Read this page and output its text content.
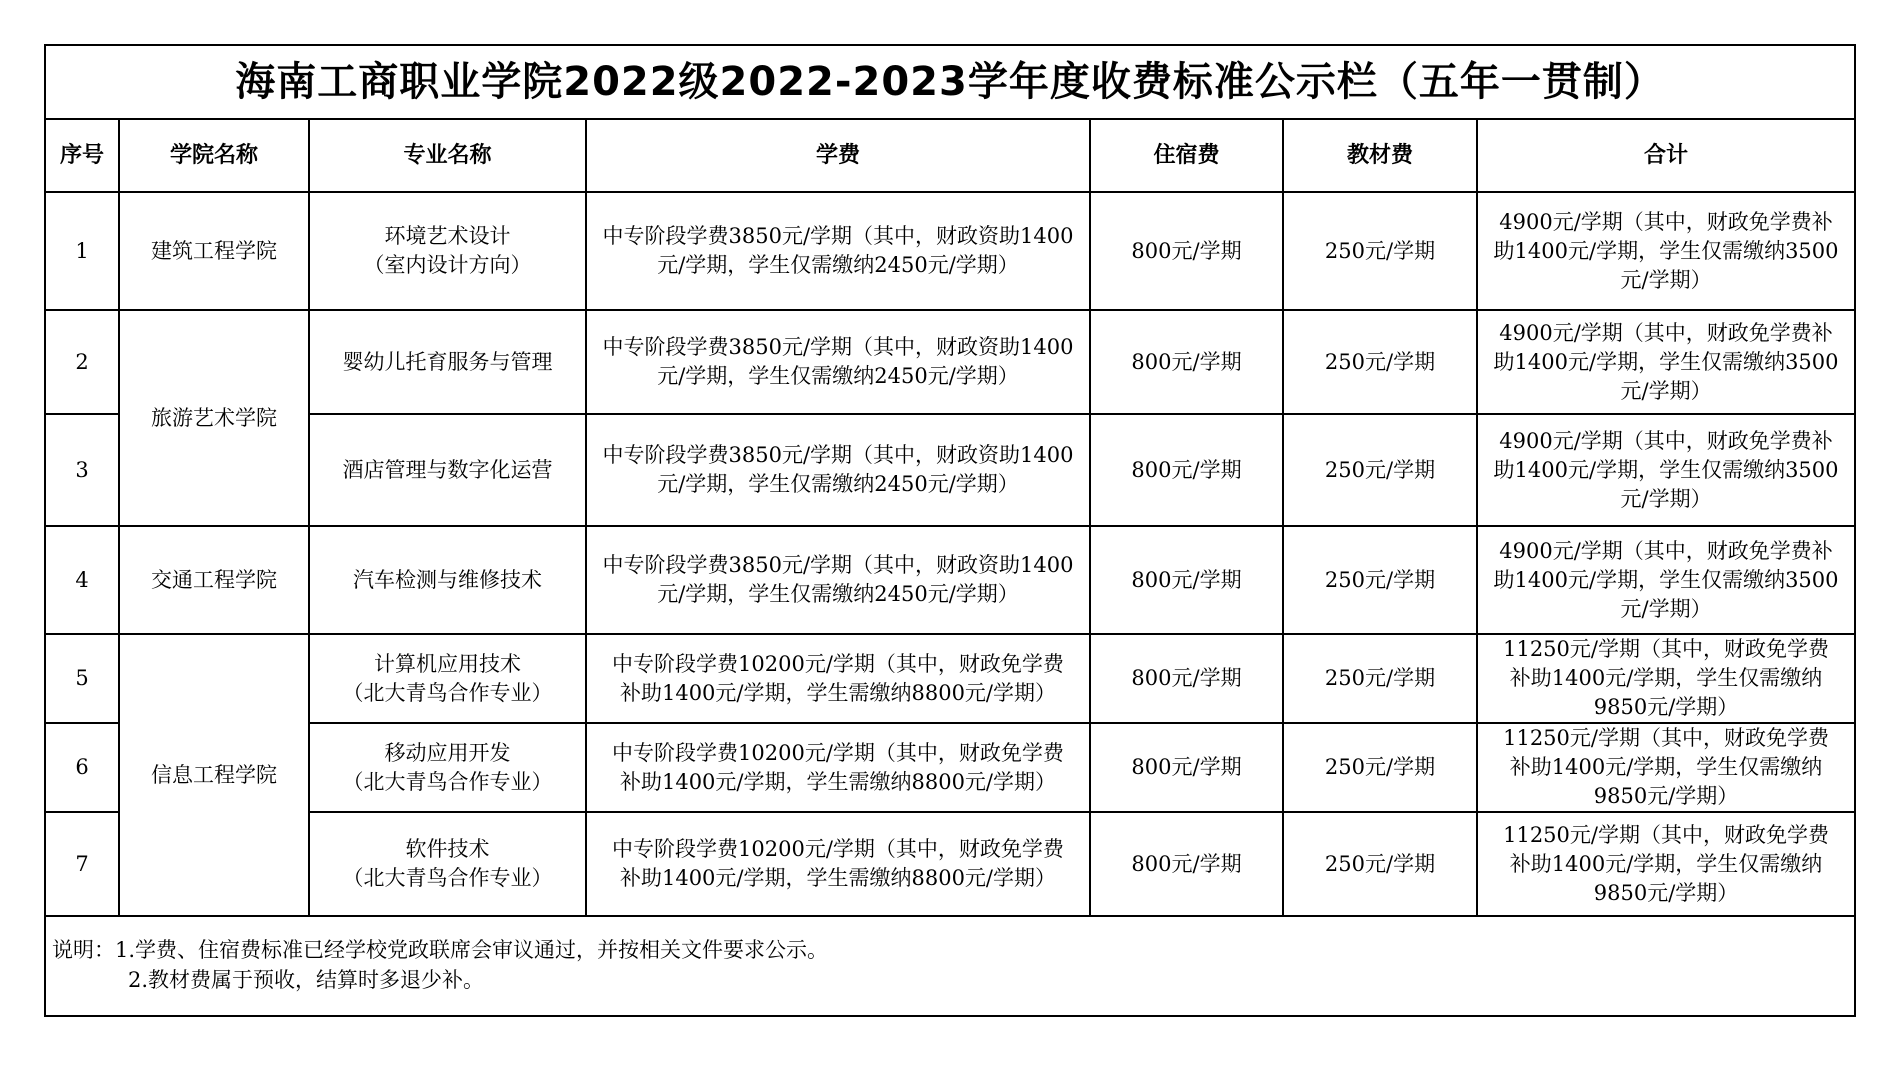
海南工商职业学院2022级2022-2023学年度收费标准公示栏（五年一贯制）						
序号	学院名称	专业名称	学费	住宿费	教材费	合计
1	建筑工程学院	环境艺术设计
（室内设计方向）	中专阶段学费3850元/学期（其中，财政资助1400
元/学期，学生仅需缴纳2450元/学期）	800元/学期	250元/学期	4900元/学期（其中，财政免学费补
助1400元/学期，学生仅需缴纳3500
元/学期）

2	旅游艺术学院	婴幼儿托育服务与管理	中专阶段学费3850元/学期（其中，财政资助1400
元/学期，学生仅需缴纳2450元/学期）	800元/学期	250元/学期	4900元/学期（其中，财政免学费补
助1400元/学期，学生仅需缴纳3500
元/学期）

3		酒店管理与数字化运营	中专阶段学费3850元/学期（其中，财政资助1400
元/学期，学生仅需缴纳2450元/学期）	800元/学期	250元/学期	4900元/学期（其中，财政免学费补
助1400元/学期，学生仅需缴纳3500
元/学期）

4	交通工程学院	汽车检测与维修技术	中专阶段学费3850元/学期（其中，财政资助1400
元/学期，学生仅需缴纳2450元/学期）	800元/学期	250元/学期	4900元/学期（其中，财政免学费补
助1400元/学期，学生仅需缴纳3500
元/学期）

5	信息工程学院	计算机应用技术
（北大青鸟合作专业）	中专阶段学费10200元/学期（其中，财政免学费
补助1400元/学期，学生需缴纳8800元/学期）	800元/学期	250元/学期	11250元/学期（其中，财政免学费
补助1400元/学期，学生仅需缴纳
9850元/学期）

6		移动应用开发
（北大青鸟合作专业）	中专阶段学费10200元/学期（其中，财政免学费
补助1400元/学期，学生需缴纳8800元/学期）	800元/学期	250元/学期	11250元/学期（其中，财政免学费
补助1400元/学期，学生仅需缴纳
9850元/学期）

7		软件技术
（北大青鸟合作专业）	中专阶段学费10200元/学期（其中，财政免学费
补助1400元/学期，学生需缴纳8800元/学期）	800元/学期	250元/学期	11250元/学期（其中，财政免学费
补助1400元/学期，学生仅需缴纳
9850元/学期）

说明：1.学费、住宿费标准已经学校党政联席会审议通过，并按相关文件要求公示。
2.教材费属于预收，结算时多退少补。						
